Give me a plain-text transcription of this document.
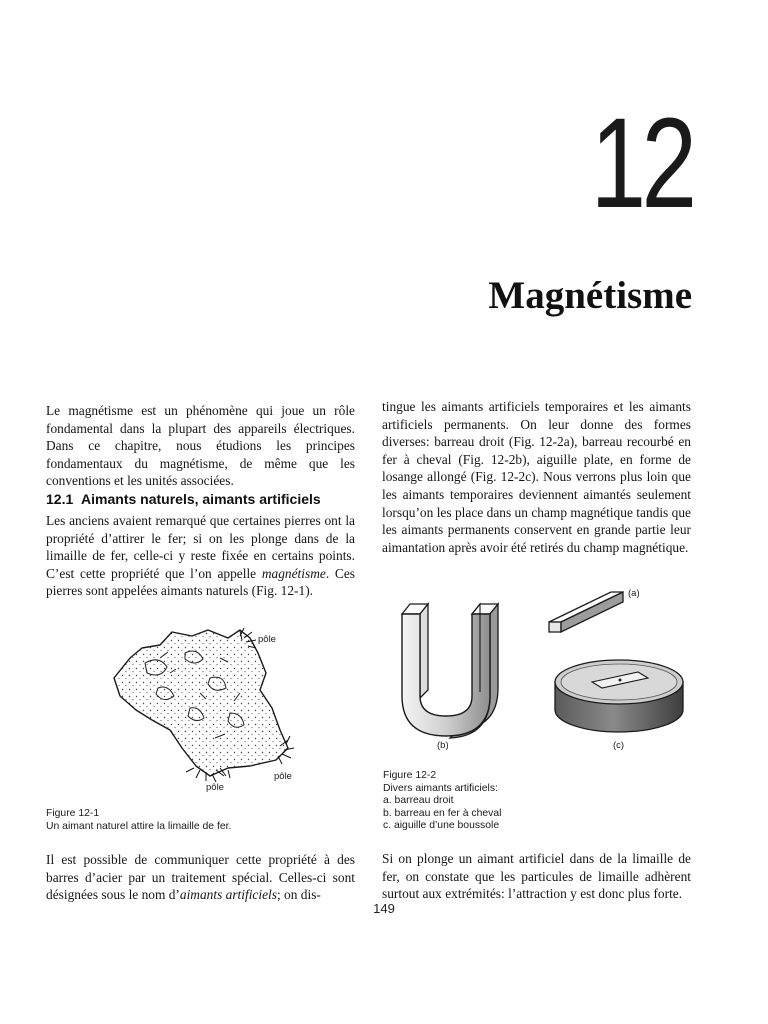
12
Magnétisme

Le magnétisme est un phénomène qui joue un rôle fondamental dans la plupart des appareils électriques. Dans ce chapitre, nous étudions les principes fondamentaux du magnétisme, de même que les conventions et les unités associées.

12.1 Aimants naturels, aimants artificiels

Les anciens avaient remarqué que certaines pierres ont la propriété d’attirer le fer; si on les plonge dans de la limaille de fer, celle-ci y reste fixée en certains points. C’est cette propriété que l’on appelle magnétisme. Ces pierres sont appelées aimants naturels (Fig. 12-1).

pôle
pôle
pôle
Figure 12-1
Un aimant naturel attire la limaille de fer.

Il est possible de communiquer cette propriété à des barres d’acier par un traitement spécial. Celles-ci sont désignées sous le nom d’aimants artificiels; on dis-

tingue les aimants artificiels temporaires et les aimants artificiels permanents. On leur donne des formes diverses: barreau droit (Fig. 12-2a), barreau recourbé en fer à cheval (Fig. 12-2b), aiguille plate, en forme de losange allongé (Fig. 12-2c). Nous verrons plus loin que les aimants temporaires deviennent aimantés seulement lorsqu’on les place dans un champ magnétique tandis que les aimants permanents conservent en grande partie leur aimantation après avoir été retirés du champ magnétique.

(b)
(a)
(c)
Figure 12-2
Divers aimants artificiels:
a. barreau droit
b. barreau en fer à cheval
c. aiguille d’une boussole

Si on plonge un aimant artificiel dans de la limaille de fer, on constate que les particules de limaille adhèrent surtout aux extrémités: l’attraction y est donc plus forte.

149
